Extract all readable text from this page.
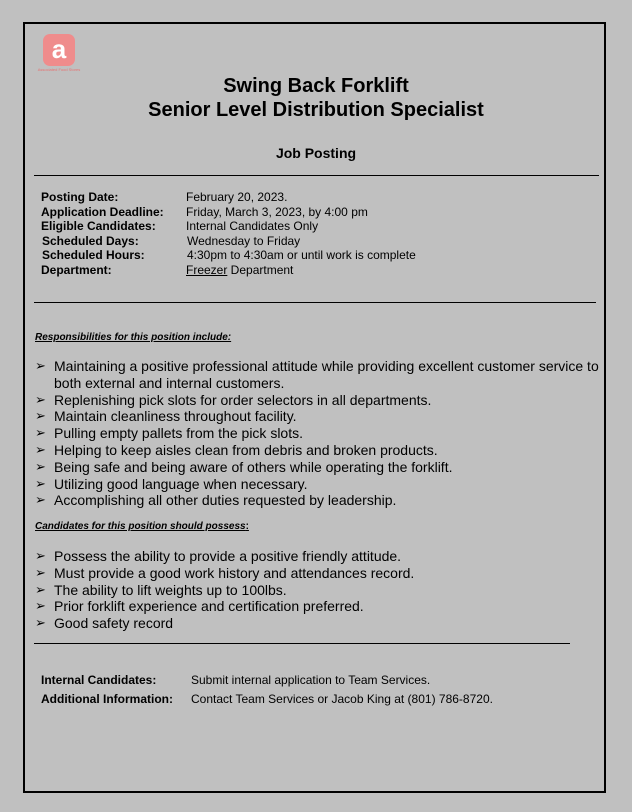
a
Associated Food Stores
Swing Back Forklift
Senior Level Distribution Specialist
Job Posting
Posting Date:	February 20, 2023.
Application Deadline:	Friday, March 3, 2023, by 4:00 pm
Eligible Candidates:	Internal Candidates Only
Scheduled Days:	Wednesday to Friday
Scheduled Hours:	4:30pm to 4:30am or until work is complete
Department:	Freezer Department
Responsibilities for this position include:
➢ Maintaining a positive professional attitude while providing excellent customer service to both external and internal customers.
➢ Replenishing pick slots for order selectors in all departments.
➢ Maintain cleanliness throughout facility.
➢ Pulling empty pallets from the pick slots.
➢ Helping to keep aisles clean from debris and broken products.
➢ Being safe and being aware of others while operating the forklift.
➢ Utilizing good language when necessary.
➢ Accomplishing all other duties requested by leadership.
Candidates for this position should possess:
➢ Possess the ability to provide a positive friendly attitude.
➢ Must provide a good work history and attendances record.
➢ The ability to lift weights up to 100lbs.
➢ Prior forklift experience and certification preferred.
➢ Good safety record
Internal Candidates:	Submit internal application to Team Services.
Additional Information:	Contact Team Services or Jacob King at (801) 786-8720.
